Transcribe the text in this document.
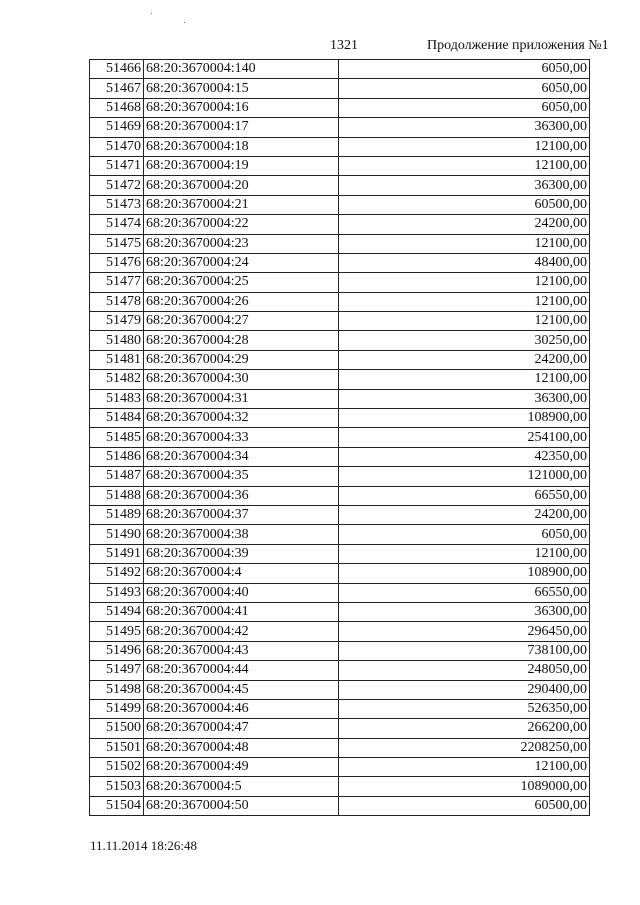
1321	Продолжение приложения №1
51466	68:20:3670004:140	6050,00
51467	68:20:3670004:15	6050,00
51468	68:20:3670004:16	6050,00
51469	68:20:3670004:17	36300,00
51470	68:20:3670004:18	12100,00
51471	68:20:3670004:19	12100,00
51472	68:20:3670004:20	36300,00
51473	68:20:3670004:21	60500,00
51474	68:20:3670004:22	24200,00
51475	68:20:3670004:23	12100,00
51476	68:20:3670004:24	48400,00
51477	68:20:3670004:25	12100,00
51478	68:20:3670004:26	12100,00
51479	68:20:3670004:27	12100,00
51480	68:20:3670004:28	30250,00
51481	68:20:3670004:29	24200,00
51482	68:20:3670004:30	12100,00
51483	68:20:3670004:31	36300,00
51484	68:20:3670004:32	108900,00
51485	68:20:3670004:33	254100,00
51486	68:20:3670004:34	42350,00
51487	68:20:3670004:35	121000,00
51488	68:20:3670004:36	66550,00
51489	68:20:3670004:37	24200,00
51490	68:20:3670004:38	6050,00
51491	68:20:3670004:39	12100,00
51492	68:20:3670004:4	108900,00
51493	68:20:3670004:40	66550,00
51494	68:20:3670004:41	36300,00
51495	68:20:3670004:42	296450,00
51496	68:20:3670004:43	738100,00
51497	68:20:3670004:44	248050,00
51498	68:20:3670004:45	290400,00
51499	68:20:3670004:46	526350,00
51500	68:20:3670004:47	266200,00
51501	68:20:3670004:48	2208250,00
51502	68:20:3670004:49	12100,00
51503	68:20:3670004:5	1089000,00
51504	68:20:3670004:50	60500,00
11.11.2014 18:26:48
